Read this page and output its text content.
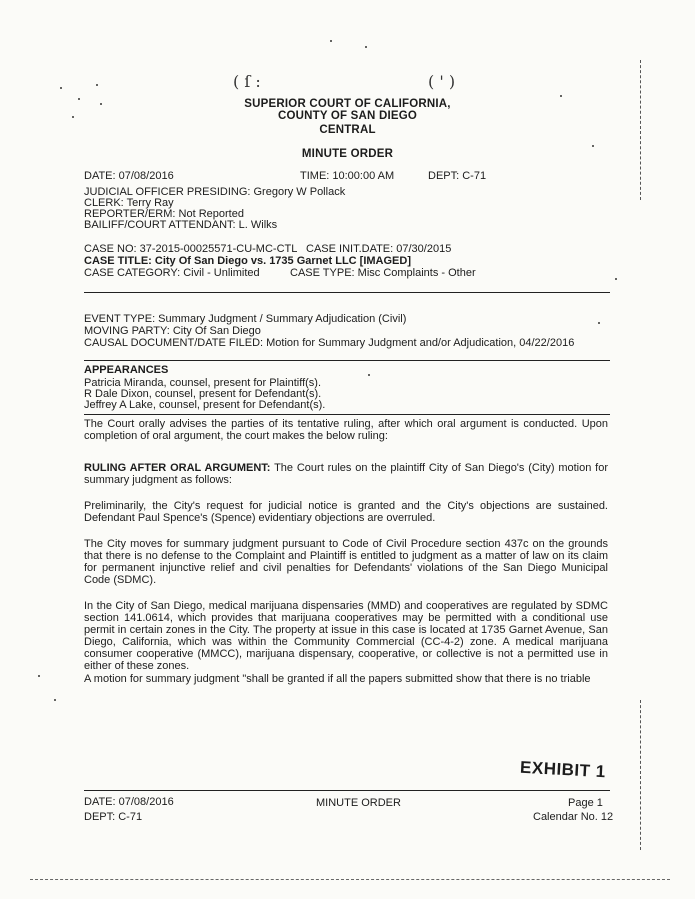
( ſ :	( ' )
SUPERIOR COURT OF CALIFORNIA,
COUNTY OF SAN DIEGO
CENTRAL
MINUTE ORDER
DATE: 07/08/2016	TIME: 10:00:00 AM	DEPT: C-71
JUDICIAL OFFICER PRESIDING: Gregory W Pollack
CLERK: Terry Ray
REPORTER/ERM: Not Reported
BAILIFF/COURT ATTENDANT: L. Wilks
CASE NO: 37-2015-00025571-CU-MC-CTL CASE INIT.DATE: 07/30/2015
CASE TITLE: City Of San Diego vs. 1735 Garnet LLC [IMAGED]
CASE CATEGORY: Civil - Unlimited	CASE TYPE: Misc Complaints - Other
EVENT TYPE: Summary Judgment / Summary Adjudication (Civil)
MOVING PARTY: City Of San Diego
CAUSAL DOCUMENT/DATE FILED: Motion for Summary Judgment and/or Adjudication, 04/22/2016
APPEARANCES
Patricia Miranda, counsel, present for Plaintiff(s).
R Dale Dixon, counsel, present for Defendant(s).
Jeffrey A Lake, counsel, present for Defendant(s).
The Court orally advises the parties of its tentative ruling, after which oral argument is conducted. Upon completion of oral argument, the court makes the below ruling:
RULING AFTER ORAL ARGUMENT: The Court rules on the plaintiff City of San Diego's (City) motion for summary judgment as follows:
Preliminarily, the City's request for judicial notice is granted and the City's objections are sustained. Defendant Paul Spence's (Spence) evidentiary objections are overruled.
The City moves for summary judgment pursuant to Code of Civil Procedure section 437c on the grounds that there is no defense to the Complaint and Plaintiff is entitled to judgment as a matter of law on its claim for permanent injunctive relief and civil penalties for Defendants' violations of the San Diego Municipal Code (SDMC).
In the City of San Diego, medical marijuana dispensaries (MMD) and cooperatives are regulated by SDMC section 141.0614, which provides that marijuana cooperatives may be permitted with a conditional use permit in certain zones in the City. The property at issue in this case is located at 1735 Garnet Avenue, San Diego, California, which was within the Community Commercial (CC-4-2) zone. A medical marijuana consumer cooperative (MMCC), marijuana dispensary, cooperative, or collective is not a permitted use in either of these zones.
A motion for summary judgment "shall be granted if all the papers submitted show that there is no triable
EXHIBIT 1
DATE: 07/08/2016
DEPT: C-71
MINUTE ORDER	Page 1
Calendar No. 12
